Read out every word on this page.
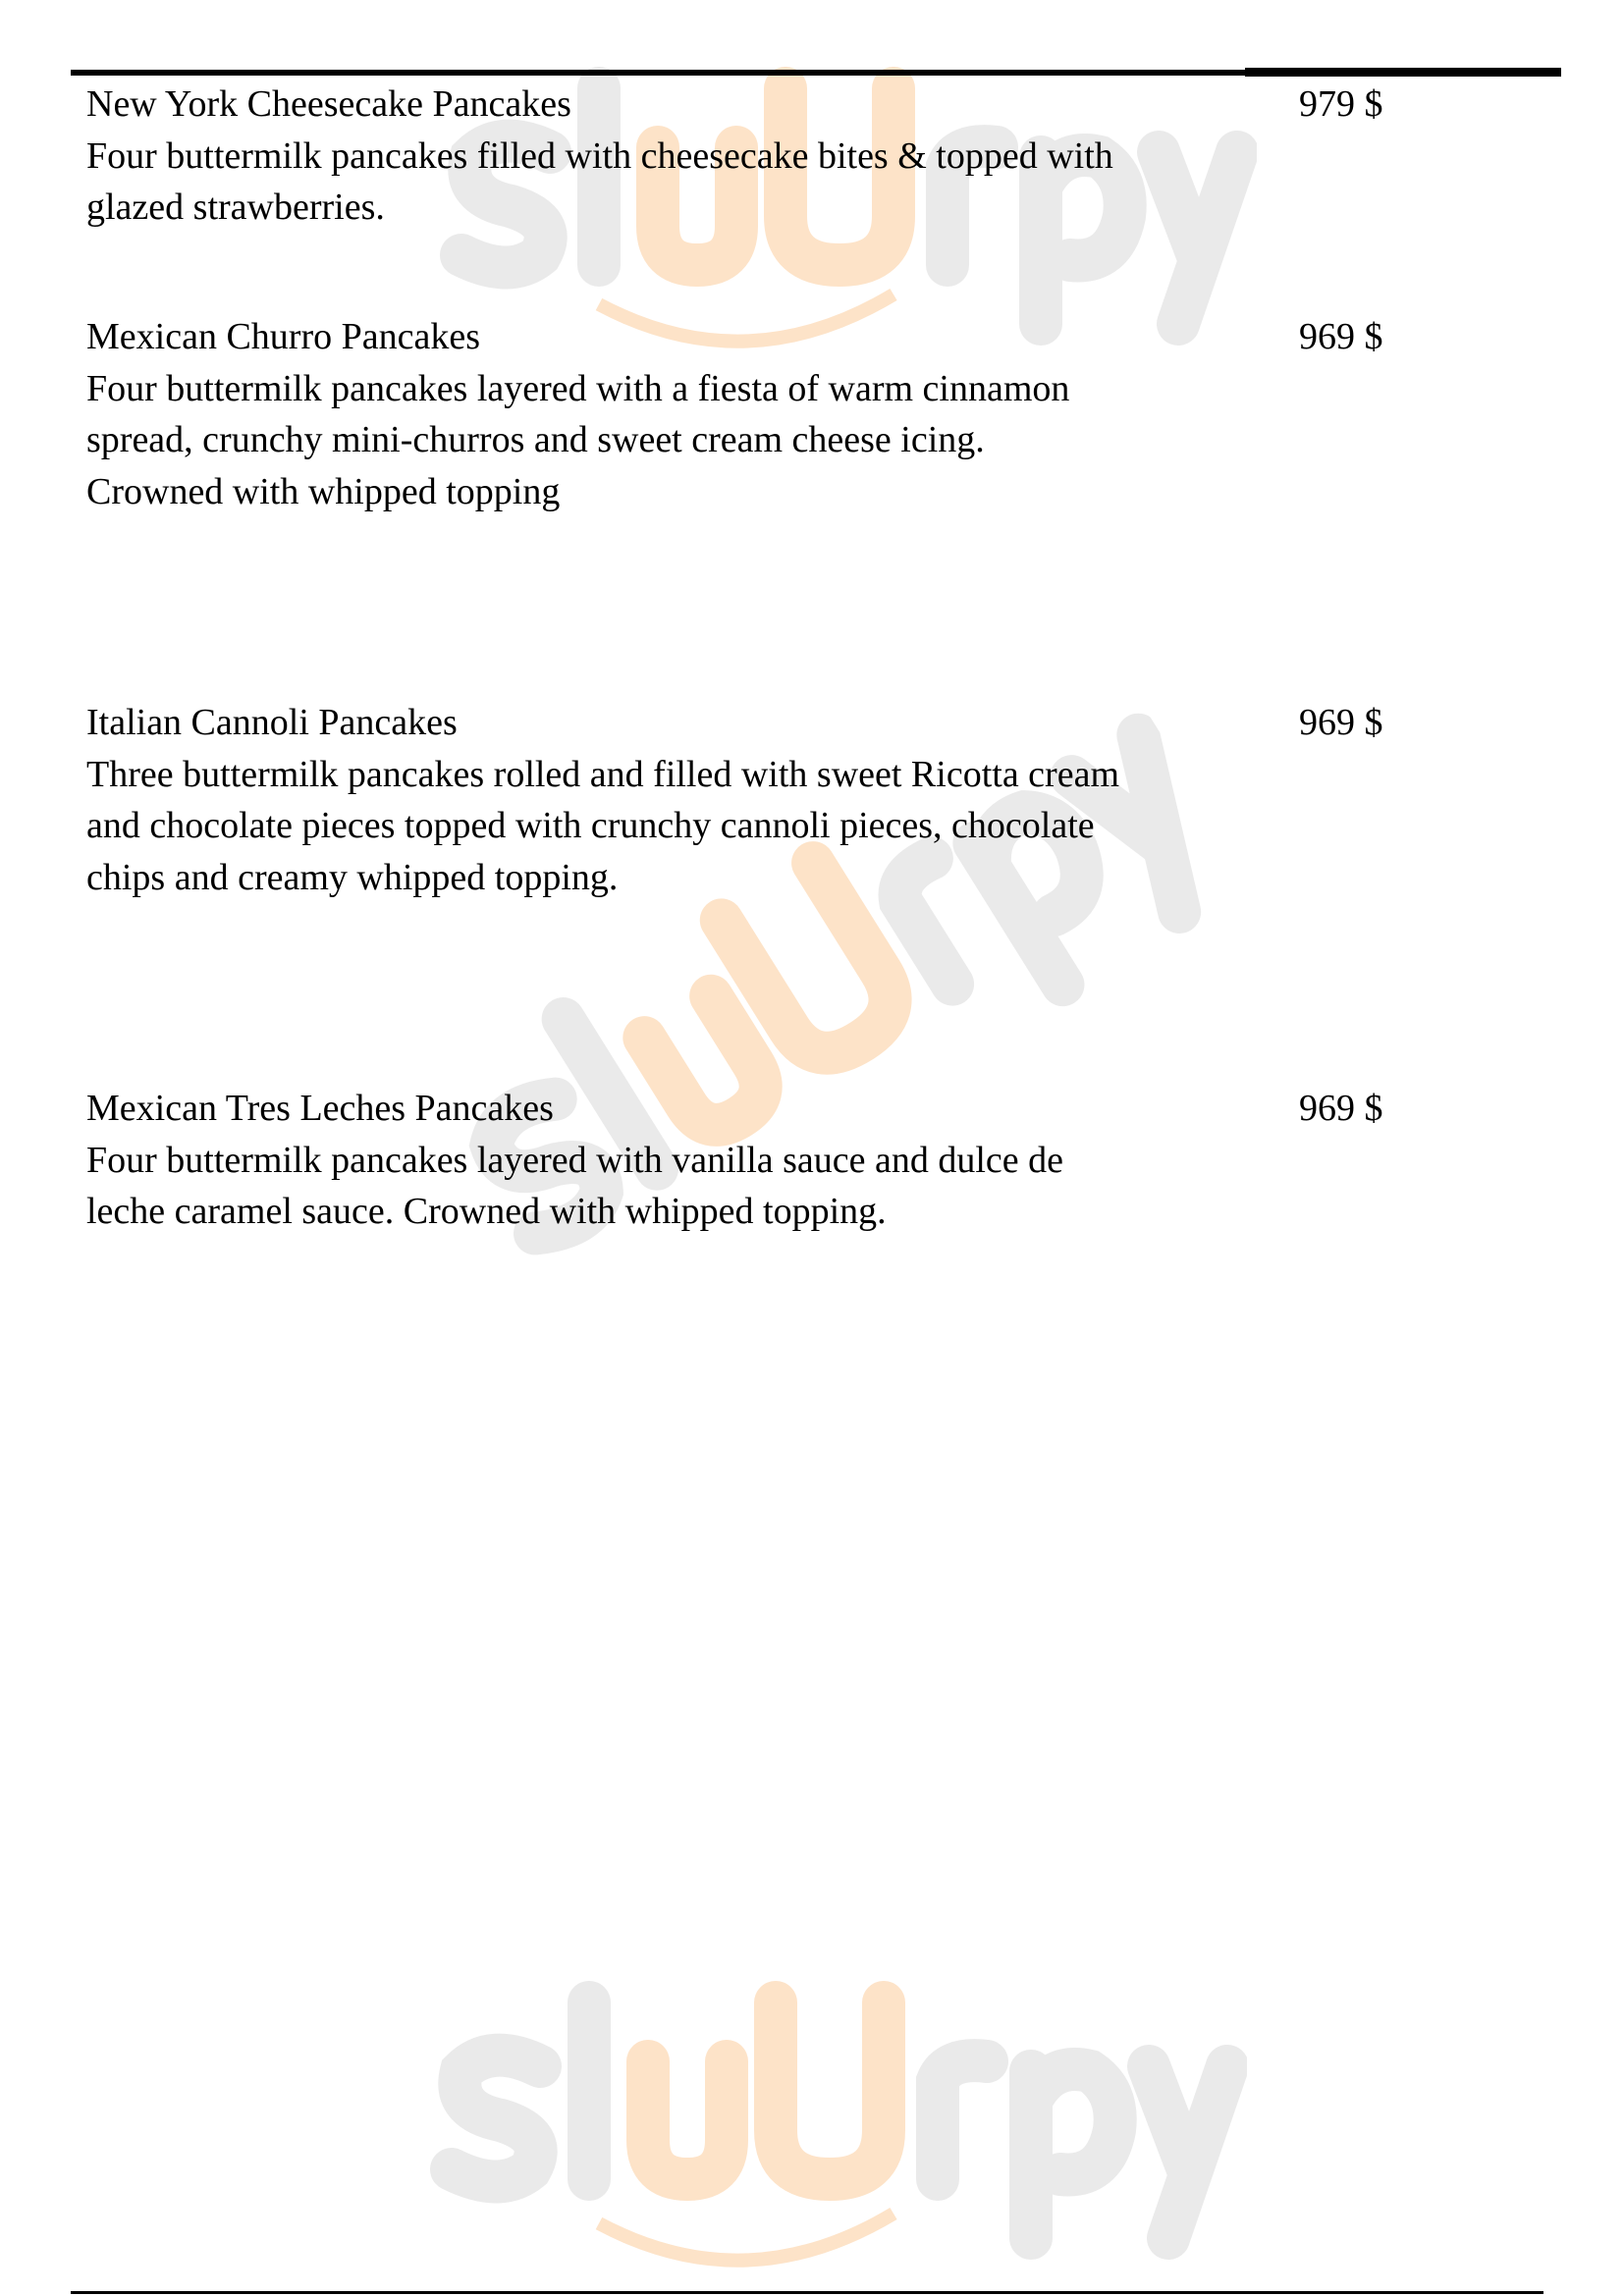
New York Cheesecake Pancakes
Four buttermilk pancakes filled with cheesecake bites & topped with
glazed strawberries.
979 $
Mexican Churro Pancakes
Four buttermilk pancakes layered with a fiesta of warm cinnamon
spread, crunchy mini-churros and sweet cream cheese icing.
Crowned with whipped topping
969 $
Italian Cannoli Pancakes
Three buttermilk pancakes rolled and filled with sweet Ricotta cream
and chocolate pieces topped with crunchy cannoli pieces, chocolate
chips and creamy whipped topping.
969 $
Mexican Tres Leches Pancakes
Four buttermilk pancakes layered with vanilla sauce and dulce de
leche caramel sauce. Crowned with whipped topping.
969 $
